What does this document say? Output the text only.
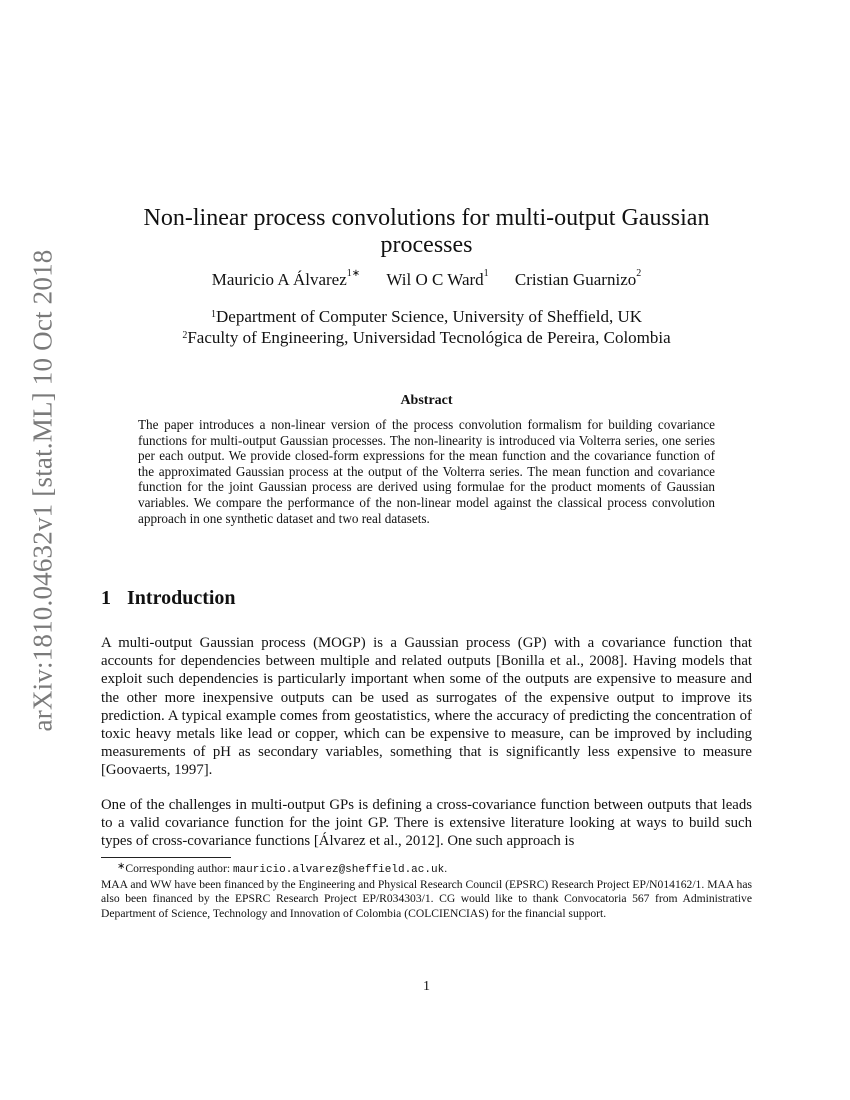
arXiv:1810.04632v1 [stat.ML] 10 Oct 2018
Non-linear process convolutions for multi-output Gaussian processes
Mauricio A Álvarez$^{1∗}$ Wil O C Ward$^1$ Cristian Guarnizo$^2$
$^1$Department of Computer Science, University of Sheffield, UK
$^2$Faculty of Engineering, Universidad Tecnológica de Pereira, Colombia
Abstract

The paper introduces a non-linear version of the process convolution formalism for building covariance functions for multi-output Gaussian processes. The non-linearity is introduced via Volterra series, one series per each output. We provide closed-form expressions for the mean function and the covariance function of the approximated Gaussian process at the output of the Volterra series. The mean function and covariance function for the joint Gaussian process are derived using formulae for the product moments of Gaussian variables. We compare the performance of the non-linear model against the classical process convolution approach in one synthetic dataset and two real datasets.

1 Introduction

A multi-output Gaussian process (MOGP) is a Gaussian process (GP) with a covariance function that accounts for dependencies between multiple and related outputs [Bonilla et al., 2008]. Having models that exploit such dependencies is particularly important when some of the outputs are expensive to measure and the other more inexpensive outputs can be used as surrogates of the expensive output to improve its prediction. A typical example comes from geostatistics, where the accuracy of predicting the concentration of toxic heavy metals like lead or copper, which can be expensive to measure, can be improved by including measurements of pH as secondary variables, something that is significantly less expensive to measure [Goovaerts, 1997].

One of the challenges in multi-output GPs is defining a cross-covariance function between outputs that leads to a valid covariance function for the joint GP. There is extensive literature looking at ways to build such types of cross-covariance functions [Álvarez et al., 2012]. One such approach is

∗Corresponding author: mauricio.alvarez@sheffield.ac.uk.

MAA and WW have been financed by the Engineering and Physical Research Council (EPSRC) Research Project EP/N014162/1. MAA has also been financed by the EPSRC Research Project EP/R034303/1. CG would like to thank Convocatoria 567 from Administrative Department of Science, Technology and Innovation of Colombia (COLCIENCIAS) for the financial support.

1
